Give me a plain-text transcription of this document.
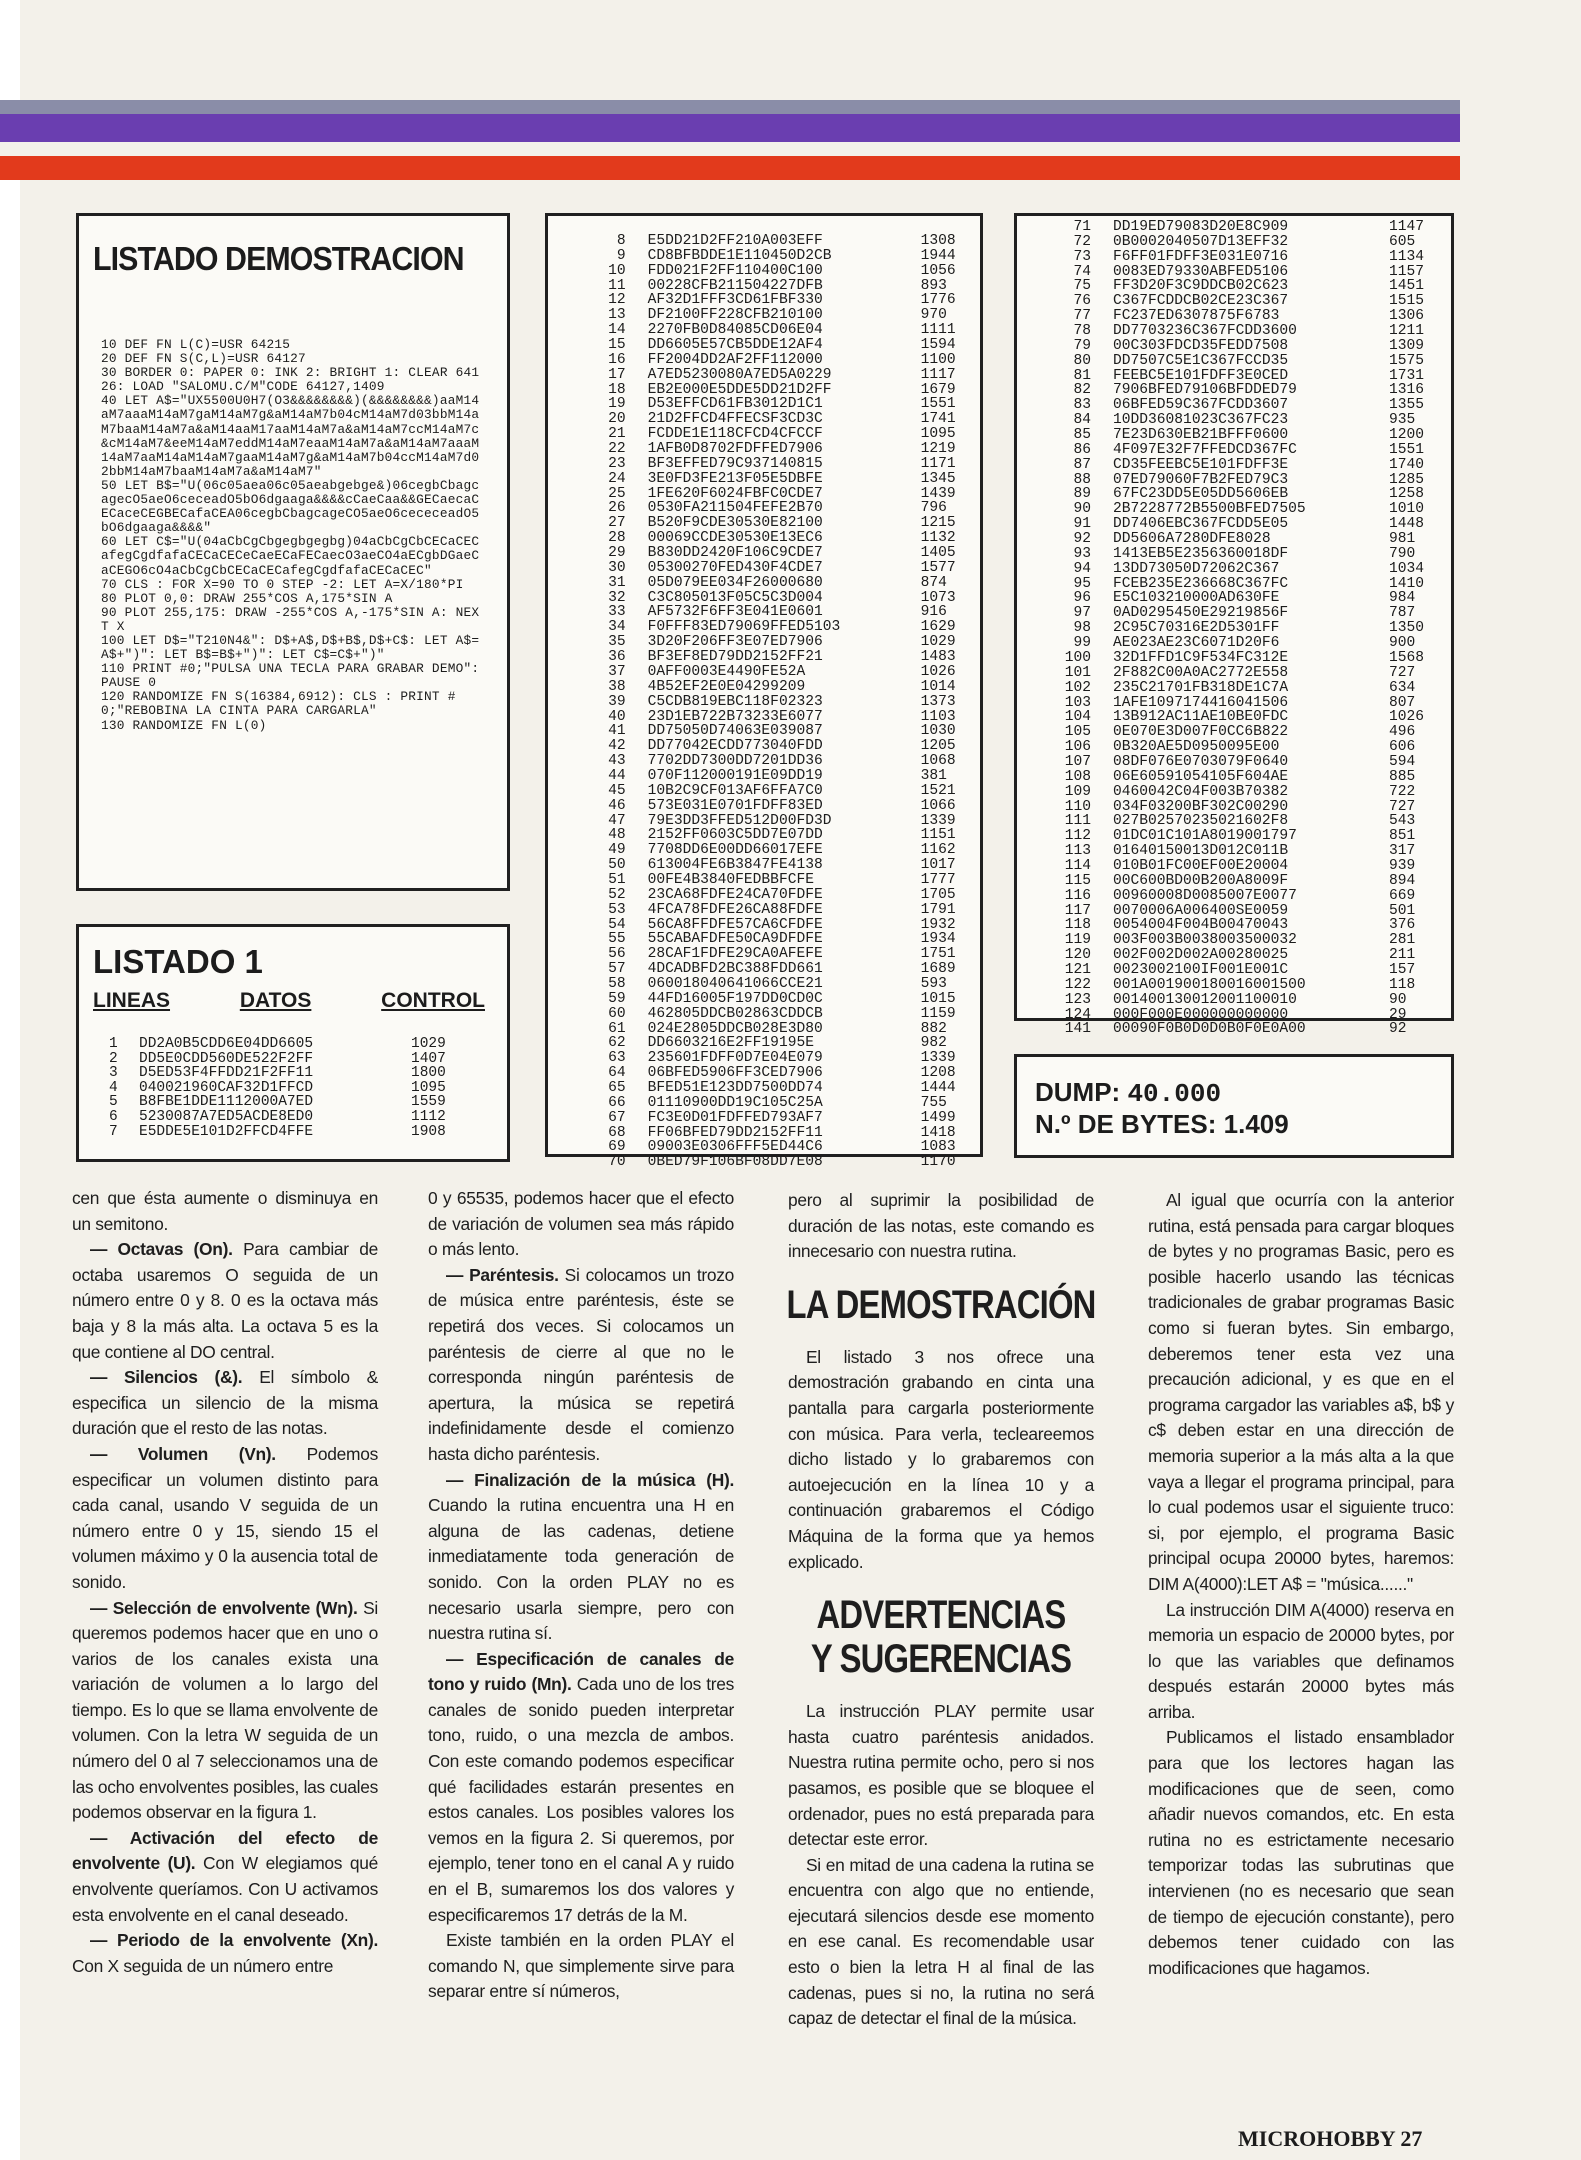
LISTADO DEMOSTRACION
10 DEF FN L(C)=USR 64215
20 DEF FN S(C,L)=USR 64127
30 BORDER 0: PAPER 0: INK 2: BRIGHT 1: CLEAR 64126: LOAD "SALOMU.C/M"CODE 64127,1409
40 LET A$="UX5500U0H7(O3&&&&&&&&)(&&&&&&&&)aaM14aM7aaaM14aM7gaM14aM7g&aM14aM7b04cM14aM7d03bbM14aM7baaM14aM7a&aM14aaM17aaM14aM7a&aM14aM7ccM14aM7c&cM14aM7&eeM14aM7eddM14aM7eaaM14aM7a&aM14aM7aaaM14aM7aaM14aM14aM7gaaM14aM7g&aM14aM7b04ccM14aM7d02bbM14aM7baaM14aM7a&aM14aM7"
50 LET B$="U(06c05aea06c05aeabgebge&)06cegbCbagcagecO5aeO6ceceadO5bO6dgaaga&&&&cCaeCaa&&GECaecaCECaceCEGBECafaCEA06cegbCbagcageCO5aeO6cececeadO5bO6dgaaga&&&&"
60 LET C$="U(04aCbCgCbgegbgegbg)04aCbCgCbCECaCECafegCgdfafaCECaCECeCaeECaFECaecO3aeCO4aECgbDGaeCaCEGO6cO4aCbCgCbCECaCECafegCgdfafaCECaCEC"
70 CLS : FOR X=90 TO 0 STEP -2: LET A=X/180*PI
80 PLOT 0,0: DRAW 255*COS A,175*SIN A
90 PLOT 255,175: DRAW -255*COS A,-175*SIN A: NEXT X
100 LET D$="T210N4&": D$+A$,D$+B$,D$+C$: LET A$=A$+")": LET B$=B$+")": LET C$=C$+")"
110 PRINT #0;"PULSA UNA TECLA PARA GRABAR DEMO": PAUSE 0
120 RANDOMIZE FN S(16384,6912): CLS : PRINT #0;"REBOBINA LA CINTA PARA CARGARLA"
130 RANDOMIZE FN L(0)
LISTADO 1
LINEAS	DATOS	CONTROL
1	DD2A0B5CDD6E04DD6605	1029
2	DD5E0CDD560DE522F2FF	1407
3	D5ED53F4FFDD21F2FF11	1800
4	040021960CAF32D1FFCD	1095
5	B8FBE1DDE1112000A7ED	1559
6	5230087A7ED5ACDE8ED0	1112
7	E5DDE5E101D2FFCD4FFE	1908
8 E5DD21D2FF210A003EFF	1308
9 CD8BFBDDE1E110450D2CB	1944
10 FDD021F2FF110400C100	1056
11 00228CFB211504227DFB	893
12 AF32D1FFF3CD61FBF330	1776
13 DF2100FF228CFB210100	970
14 2270FB0D84085CD06E04	1111
15 DD6605E57CB5DDE12AF4	1594
16 FF2004DD2AF2FF112000	1100
17 A7ED5230080A7ED5A0229	1117
18 EB2E000E5DDE5DD21D2FF	1679
19 D53EFFCD61FB3012D1C1	1551
20 21D2FFCD4FFECSF3CD3C	1741
21 FCDDE1E118CFCD4CFCCF	1095
22 1AFB0D8702FDFFED7906	1219
23 BF3EFFED79C937140815	1171
24 3E0FD3FE213F05E5DBFE	1345
25 1FE620F6024FBFC0CDE7	1439
26 0530FA211504FEFE2B70	796
27 B520F9CDE30530E82100	1215
28 00069CCDE30530E13EC6	1132
29 B830DD2420F106C9CDE7	1405
30 05300270FED430F4CDE7	1577
31 05D079EE034F26000680	874
32 C3C805013F05C5C3D004	1073
33 AF5732F6FF3E041E0601	916
34 F0FFF83ED79069FFED5103	1629
35 3D20F206FF3E07ED7906	1029
36 BF3EF8ED79DD2152FF21	1483
37 0AFF0003E4490FE52A	1026
38 4B52EF2E0E04299209	1014
39 C5CDB819EBC118F02323	1373
40 23D1EB722B73233E6077	1103
41 DD75050D74063E039087	1030
42 DD77042ECDD773040FDD	1205
43 7702DD7300DD7201DD36	1068
44 070F112000191E09DD19	381
45 10B2C9CF013AF6FFA7C0	1521
46 573E031E0701FDFF83ED	1066
47 79E3DD3FFED512D00FD3D	1339
48 2152FF0603C5DD7E07DD	1151
49 7708DD6E00DD66017EFE	1162
50 613004FE6B3847FE4138	1017
51 00FE4B3840FEDBBFCFE	1777
52 23CA68FDFE24CA70FDFE	1705
53 4FCA78FDFE26CA88FDFE	1791
54 56CA8FFDFE57CA6CFDFE	1932
55 55CABAFDFE50CA9DFDFE	1934
56 28CAF1FDFE29CA0AFEFE	1751
57 4DCADBFD2BC388FDD661	1689
58 060018040641066CCE21	593
59 44FD16005F197DD0CD0C	1015
60 462805DDCB02863CDDCB	1159
61 024E2805DDCB028E3D80	882
62 DD6603216E2FF19195E	982
63 235601FDFF0D7E04E079	1339
64 06BFED5906FF3CED7906	1208
65 BFED51E123DD7500DD74	1444
66 01110900DD19C105C25A	755
67 FC3E0D01FDFFED793AF7	1499
68 FF06BFED79DD2152FF11	1418
69 09003E0306FFF5ED44C6	1083
70 0BED79F106BF08DD7E08	1170
71 DD19ED79083D20E8C909	1147
72 0B0002040507D13EFF32	605
73 F6FF01FDFF3E031E0716	1134
74 0083ED79330ABFED5106	1157
75 FF3D20F3C9DDCB02C623	1451
76 C367FCDDCB02CE23C367	1515
77 FC237ED6307875F6783	1306
78 DD7703236C367FCDD3600	1211
79 00C303FDCD35FEDD7508	1309
80 DD7507C5E1C367FCCD35	1575
81 FEEBC5E101FDFF3E0CED	1731
82 7906BFED79106BFDDED79	1316
83 06BFED59C367FCDD3607	1355
84 10DD36081023C367FC23	935
85 7E23D630EB21BFFF0600	1200
86 4F097E32F7FFEDCD367FC	1551
87 CD35FEEBC5E101FDFF3E	1740
88 07ED79060F7B2FED79C3	1285
89 67FC23DD5E05DD5606EB	1258
90 2B7228772B5500BFED7505	1010
91 DD7406EBC367FCDD5E05	1448
92 DD5606A7280DFE8028	981
93 1413EB5E2356360018DF	790
94 13DD73050D72062C367	1034
95 FCEB235E236668C367FC	1410
96 E5C103210000AD630FE	984
97 0AD0295450E29219856F	787
98 2C95C70316E2D5301FF	1350
99 AE023AE23C6071D20F6	900
100 32D1FFD1C9F534FC312E	1568
101 2F882C00A0AC2772E558	727
102 235C21701FB318DE1C7A	634
103 1AFE1097174416041506	807
104 13B912AC11AE10BE0FDC	1026
105 0E070E3D007F0CC6B822	496
106 0B320AE5D0950095E00	606
107 08DF076E0703079F0640	594
108 06E60591054105F604AE	885
109 0460042C04F003B70382	722
110 034F03200BF302C00290	727
111 027B02570235021602F8	543
112 01DC01C101A8019001797	851
113 01640150013D012C011B	317
114 010B01FC00EF00E20004	939
115 00C600BD00B200A8009F	894
116 00960008D0085007E0077	669
117 0070006A006400SE0059	501
118 0054004F004B00470043	376
119 003F003B0038003500032	281
120 002F002D002A00280025	211
121 0023002100IF001E001C	157
122 001A001900180016001500	118
123 001400130012001100010	90
124 000F000E000000000000	29
141 00090F0B0D0D0B0F0E0A00	92
DUMP: 40.000
N.º DE BYTES: 1.409

cen que ésta aumente o disminuya en un semitono.

— Octavas (On). Para cambiar de octaba usaremos O seguida de un número entre 0 y 8. 0 es la octava más baja y 8 la más alta. La octava 5 es la que contiene al DO central.

— Silencios (&). El símbolo & especifica un silencio de la misma duración que el resto de las notas.

— Volumen (Vn). Podemos especificar un volumen distinto para cada canal, usando V seguida de un número entre 0 y 15, siendo 15 el volumen máximo y 0 la ausencia total de sonido.

— Selección de envolvente (Wn). Si queremos podemos hacer que en uno o varios de los canales exista una variación de volumen a lo largo del tiempo. Es lo que se llama envolvente de volumen. Con la letra W seguida de un número del 0 al 7 seleccionamos una de las ocho envolventes posibles, las cuales podemos observar en la figura 1.

— Activación del efecto de envolvente (U). Con W elegiamos qué envolvente queríamos. Con U activamos esta envolvente en el canal deseado.

— Periodo de la envolvente (Xn). Con X seguida de un número entre

0 y 65535, podemos hacer que el efecto de variación de volumen sea más rápido o más lento.

— Paréntesis. Si colocamos un trozo de música entre paréntesis, éste se repetirá dos veces. Si colocamos un paréntesis de cierre al que no le corresponda ningún paréntesis de apertura, la música se repetirá indefinidamente desde el comienzo hasta dicho paréntesis.

— Finalización de la música (H). Cuando la rutina encuentra una H en alguna de las cadenas, detiene inmediatamente toda generación de sonido. Con la orden PLAY no es necesario usarla siempre, pero con nuestra rutina sí.

— Especificación de canales de tono y ruido (Mn). Cada uno de los tres canales de sonido pueden interpretar tono, ruido, o una mezcla de ambos. Con este comando podemos especificar qué facilidades estarán presentes en estos canales. Los posibles valores los vemos en la figura 2. Si queremos, por ejemplo, tener tono en el canal A y ruido en el B, sumaremos los dos valores y especificaremos 17 detrás de la M.

Existe también en la orden PLAY el comando N, que simplemente sirve para separar entre sí números,

pero al suprimir la posibilidad de duración de las notas, este comando es innecesario con nuestra rutina.

LA DEMOSTRACIÓN

El listado 3 nos ofrece una demostración grabando en cinta una pantalla para cargarla posteriormente con música. Para verla, tecleareemos dicho listado y lo grabaremos con autoejecución en la línea 10 y a continuación grabaremos el Código Máquina de la forma que ya hemos explicado.

ADVERTENCIAS
Y SUGERENCIAS

La instrucción PLAY permite usar hasta cuatro paréntesis anidados. Nuestra rutina permite ocho, pero si nos pasamos, es posible que se bloquee el ordenador, pues no está preparada para detectar este error.

Si en mitad de una cadena la rutina se encuentra con algo que no entiende, ejecutará silencios desde ese momento en ese canal. Es recomendable usar esto o bien la letra H al final de las cadenas, pues si no, la rutina no será capaz de detectar el final de la música.

Al igual que ocurría con la anterior rutina, está pensada para cargar bloques de bytes y no programas Basic, pero es posible hacerlo usando las técnicas tradicionales de grabar programas Basic como si fueran bytes. Sin embargo, deberemos tener esta vez una precaución adicional, y es que en el programa cargador las variables a$, b$ y c$ deben estar en una dirección de memoria superior a la más alta a la que vaya a llegar el programa principal, para lo cual podemos usar el siguiente truco: si, por ejemplo, el programa Basic principal ocupa 20000 bytes, haremos: DIM A(4000):LET A$ = "música......"

La instrucción DIM A(4000) reserva en memoria un espacio de 20000 bytes, por lo que las variables que definamos después estarán 20000 bytes más arriba.

Publicamos el listado ensamblador para que los lectores hagan las modificaciones que de seen, como añadir nuevos comandos, etc. En esta rutina no es estrictamente necesario temporizar todas las subrutinas que intervienen (no es necesario que sean de tiempo de ejecución constante), pero debemos tener cuidado con las modificaciones que hagamos.

MICROHOBBY 27
